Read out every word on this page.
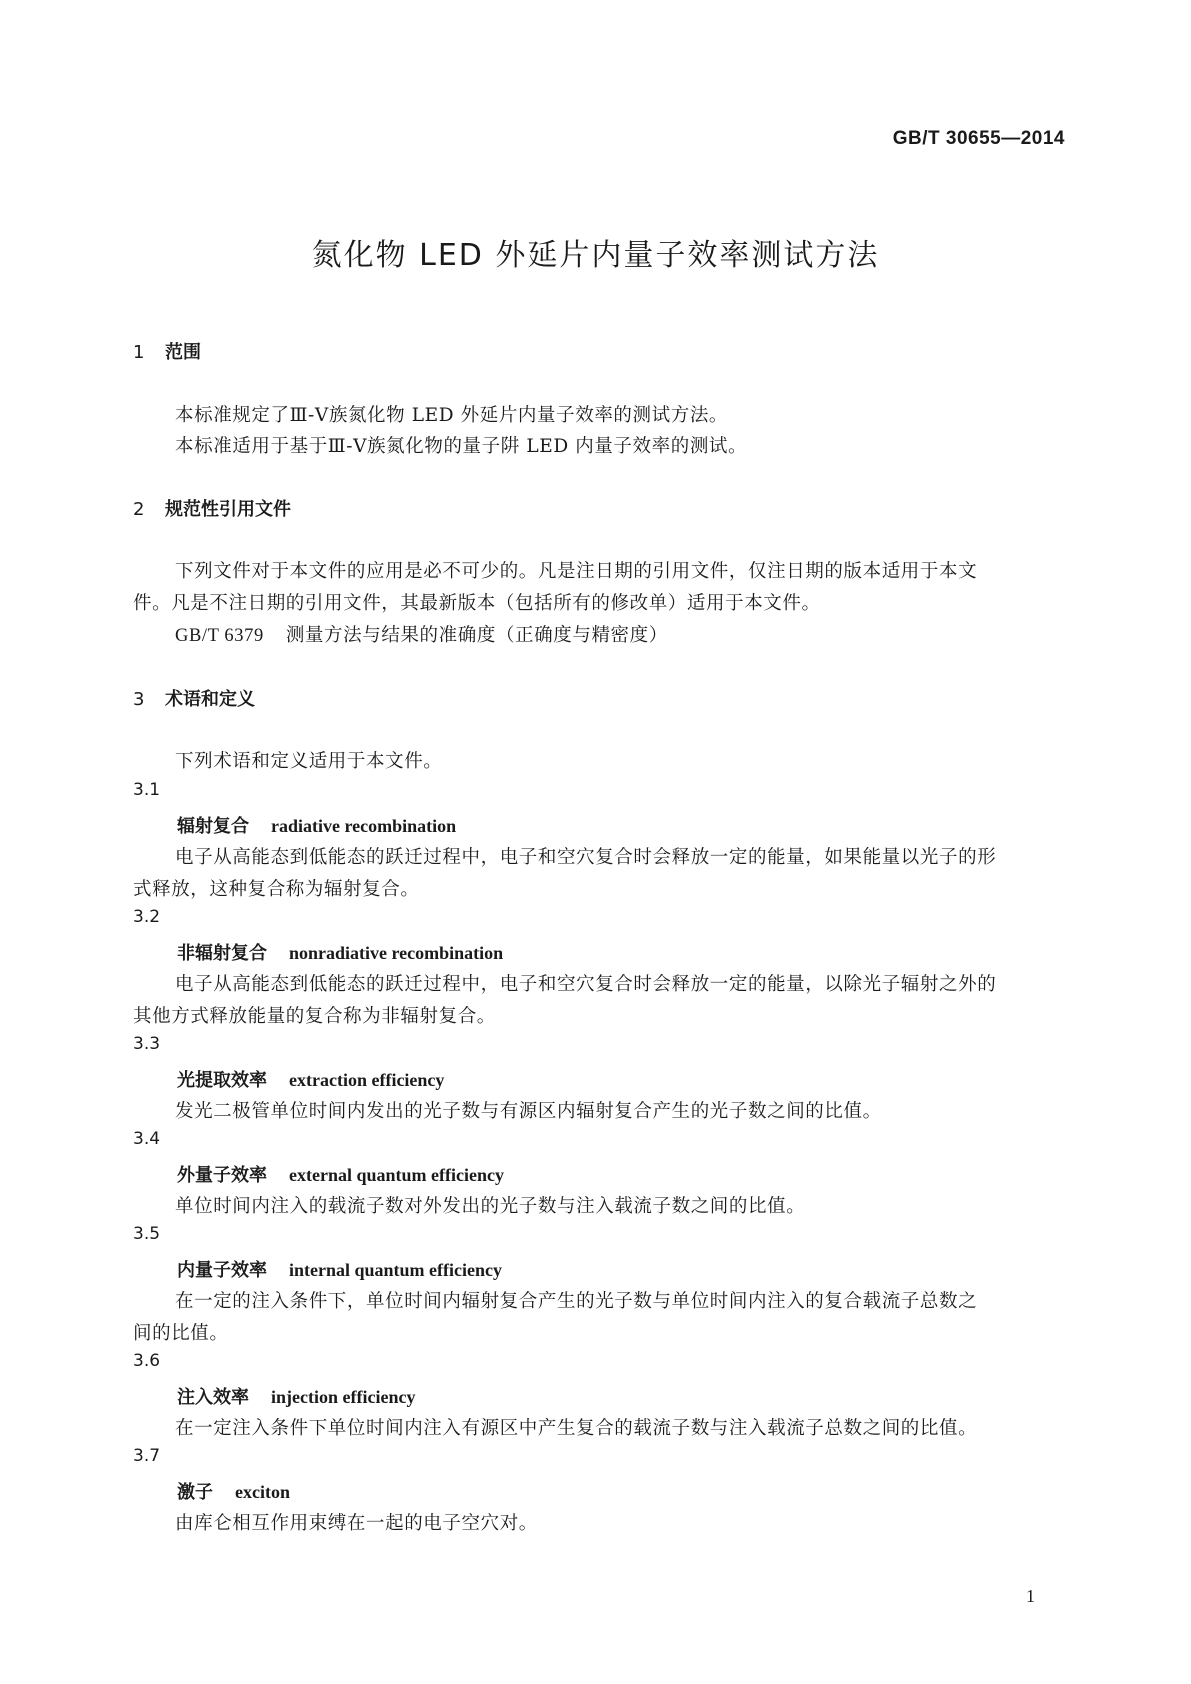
GB/T 30655—2014
氮化物 LED 外延片内量子效率测试方法
1 范围
本标准规定了Ⅲ-Ⅴ族氮化物 LED 外延片内量子效率的测试方法。
本标准适用于基于Ⅲ-Ⅴ族氮化物的量子阱 LED 内量子效率的测试。
2 规范性引用文件
下列文件对于本文件的应用是必不可少的。凡是注日期的引用文件，仅注日期的版本适用于本文
件。凡是不注日期的引用文件，其最新版本（包括所有的修改单）适用于本文件。
GB/T 6379 测量方法与结果的准确度（正确度与精密度）
3 术语和定义
下列术语和定义适用于本文件。
3.1
辐射复合 radiative recombination
电子从高能态到低能态的跃迁过程中，电子和空穴复合时会释放一定的能量，如果能量以光子的形
式释放，这种复合称为辐射复合。
3.2
非辐射复合 nonradiative recombination
电子从高能态到低能态的跃迁过程中，电子和空穴复合时会释放一定的能量，以除光子辐射之外的
其他方式释放能量的复合称为非辐射复合。
3.3
光提取效率 extraction efficiency
发光二极管单位时间内发出的光子数与有源区内辐射复合产生的光子数之间的比值。
3.4
外量子效率 external quantum efficiency
单位时间内注入的载流子数对外发出的光子数与注入载流子数之间的比值。
3.5
内量子效率 internal quantum efficiency
在一定的注入条件下，单位时间内辐射复合产生的光子数与单位时间内注入的复合载流子总数之
间的比值。
3.6
注入效率 injection efficiency
在一定注入条件下单位时间内注入有源区中产生复合的载流子数与注入载流子总数之间的比值。
3.7
激子 exciton
由库仑相互作用束缚在一起的电子空穴对。
1
